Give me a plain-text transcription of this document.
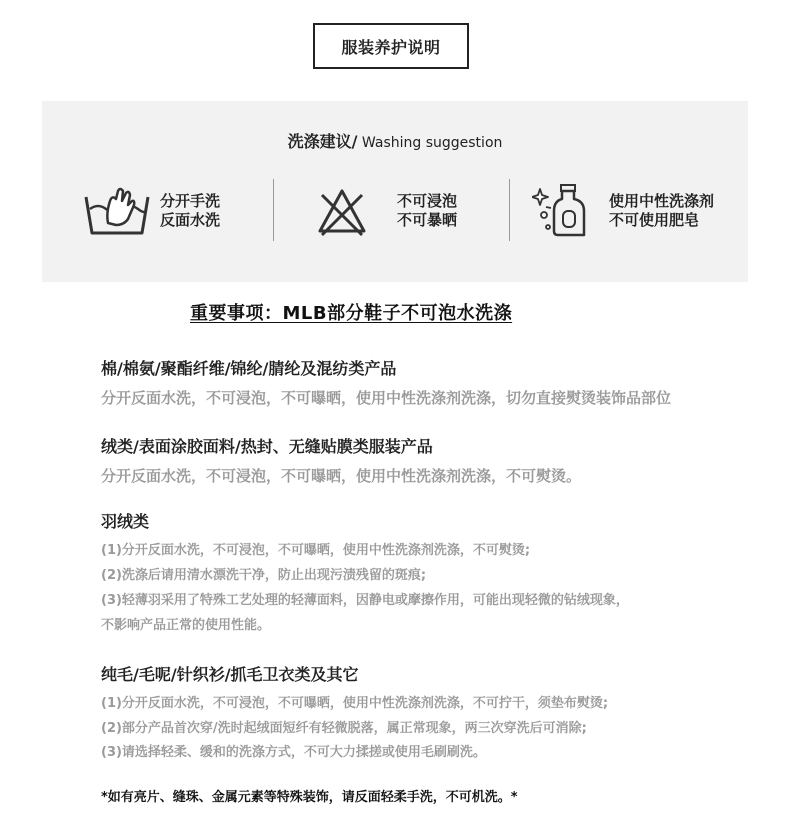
服装养护说明
洗涤建议/ Washing suggestion
分开手洗
反面水洗
不可浸泡
不可暴晒
使用中性洗涤剂
不可使用肥皂
重要事项：MLB部分鞋子不可泡水洗涤
棉/棉氨/聚酯纤维/锦纶/腈纶及混纺类产品
分开反面水洗，不可浸泡，不可曝晒，使用中性洗涤剂洗涤，切勿直接熨烫装饰品部位
绒类/表面涂胶面料/热封、无缝贴膜类服装产品
分开反面水洗，不可浸泡，不可曝晒，使用中性洗涤剂洗涤，不可熨烫。
羽绒类
(1)分开反面水洗，不可浸泡，不可曝晒，使用中性洗涤剂洗涤，不可熨烫;
(2)洗涤后请用清水漂洗干净，防止出现污渍残留的斑痕;
(3)轻薄羽采用了特殊工艺处理的轻薄面料，因静电或摩擦作用，可能出现轻微的钻绒现象，
不影响产品正常的使用性能。
纯毛/毛呢/针织衫/抓毛卫衣类及其它
(1)分开反面水洗，不可浸泡，不可曝晒，使用中性洗涤剂洗涤，不可拧干，须垫布熨烫;
(2)部分产品首次穿/洗时起绒面短纤有轻微脱落，属正常现象，两三次穿洗后可消除;
(3)请选择轻柔、缓和的洗涤方式，不可大力揉搓或使用毛刷刷洗。
*如有亮片、缝珠、金属元素等特殊装饰，请反面轻柔手洗，不可机洗。*
